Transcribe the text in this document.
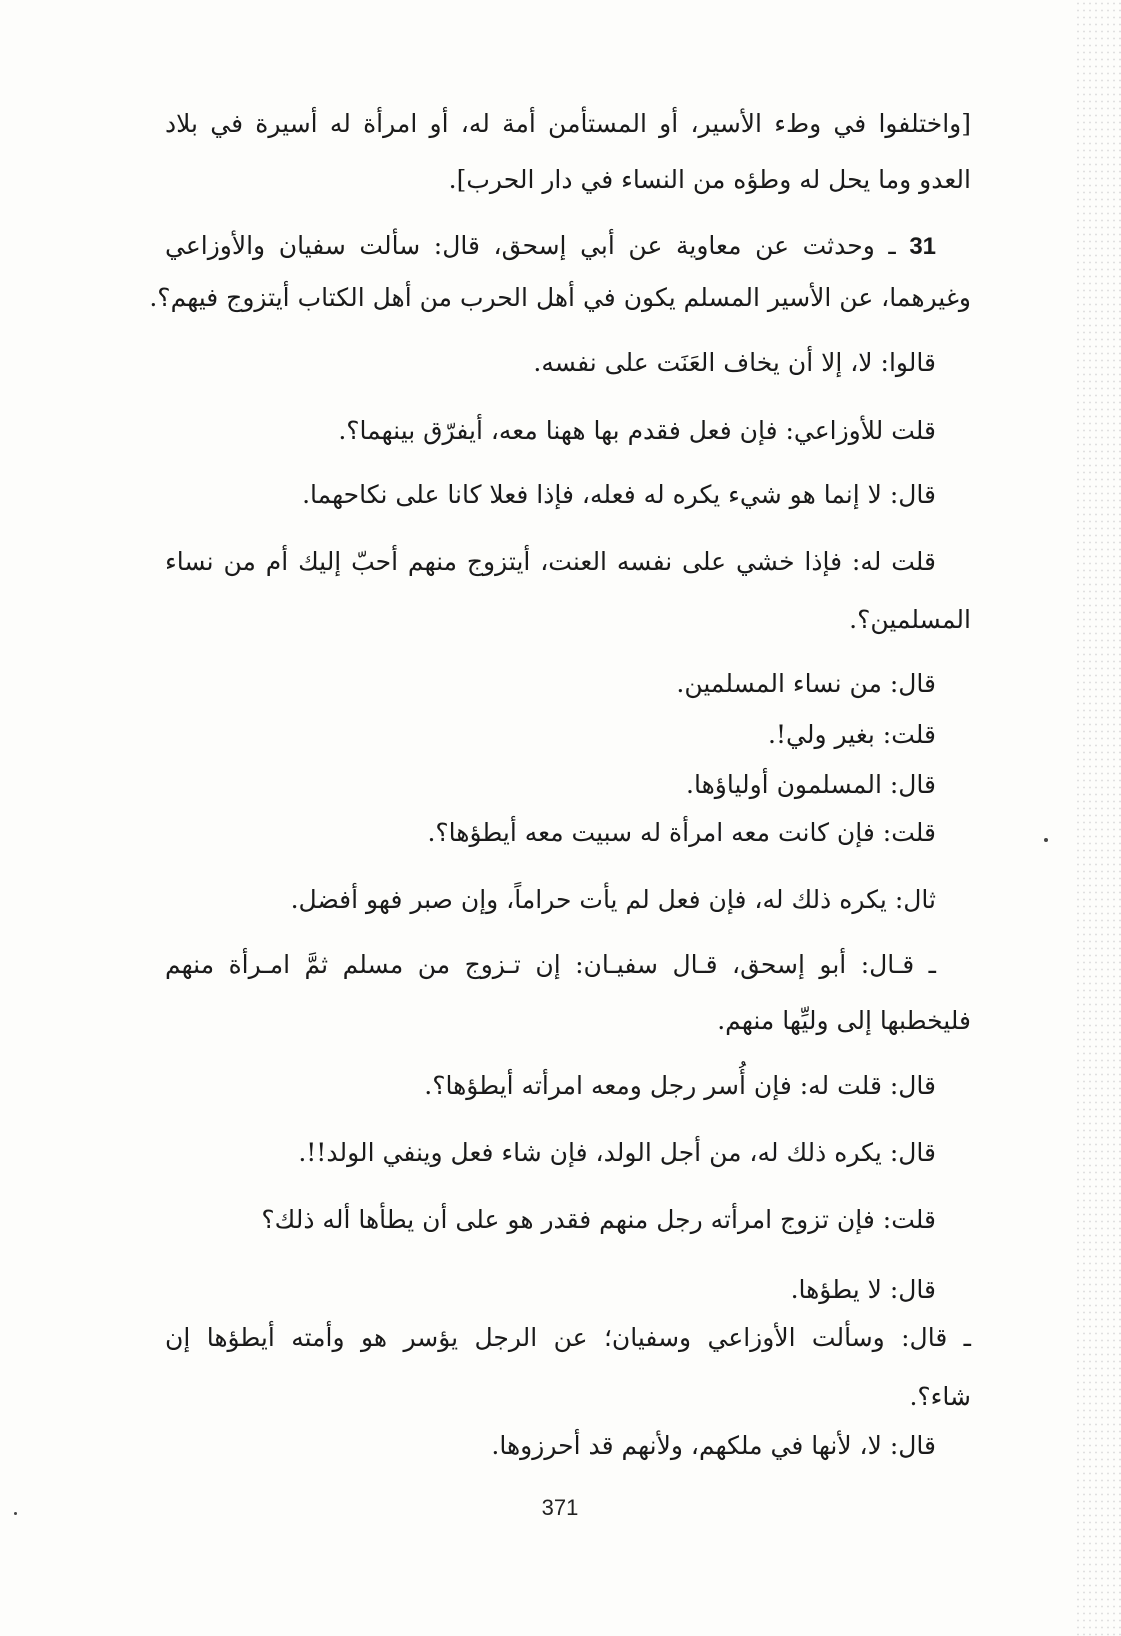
[واختلفوا في وطء الأسير، أو المستأمن أمة له، أو امرأة له أسيرة في بلاد
العدو وما يحل له وطؤه من النساء في دار الحرب].
31 ـ وحدثت عن معاوية عن أبي إسحق، قال: سألت سفيان والأوزاعي
وغيرهما، عن الأسير المسلم يكون في أهل الحرب من أهل الكتاب أيتزوج فيهم؟.
قالوا: لا، إلا أن يخاف العَنَت على نفسه.
قلت للأوزاعي: فإن فعل فقدم بها ههنا معه، أيفرّق بينهما؟.
قال: لا إنما هو شيء يكره له فعله، فإذا فعلا كانا على نكاحهما.
قلت له: فإذا خشي على نفسه العنت، أيتزوج منهم أحبّ إليك أم من نساء
المسلمين؟.
قال: من نساء المسلمين.
قلت: بغير ولي!.
قال: المسلمون أولياؤها.
قلت: فإن كانت معه امرأة له سبيت معه أيطؤها؟.
ثال: يكره ذلك له، فإن فعل لم يأت حراماً، وإن صبر فهو أفضل.
ـ قـال: أبو إسحق، قـال سفيـان: إن تـزوج من مسلم ثمَّ امـرأة منهم
فليخطبها إلى وليِّها منهم.
قال: قلت له: فإن أُسر رجل ومعه امرأته أيطؤها؟.
قال: يكره ذلك له، من أجل الولد، فإن شاء فعل وينفي الولد!!.
قلت: فإن تزوج امرأته رجل منهم فقدر هو على أن يطأها أله ذلك؟
قال: لا يطؤها.
ـ قال: وسألت الأوزاعي وسفيان؛ عن الرجل يؤسر هو وأمته أيطؤها إن
شاء؟.
قال: لا، لأنها في ملكهم، ولأنهم قد أحرزوها.
371
